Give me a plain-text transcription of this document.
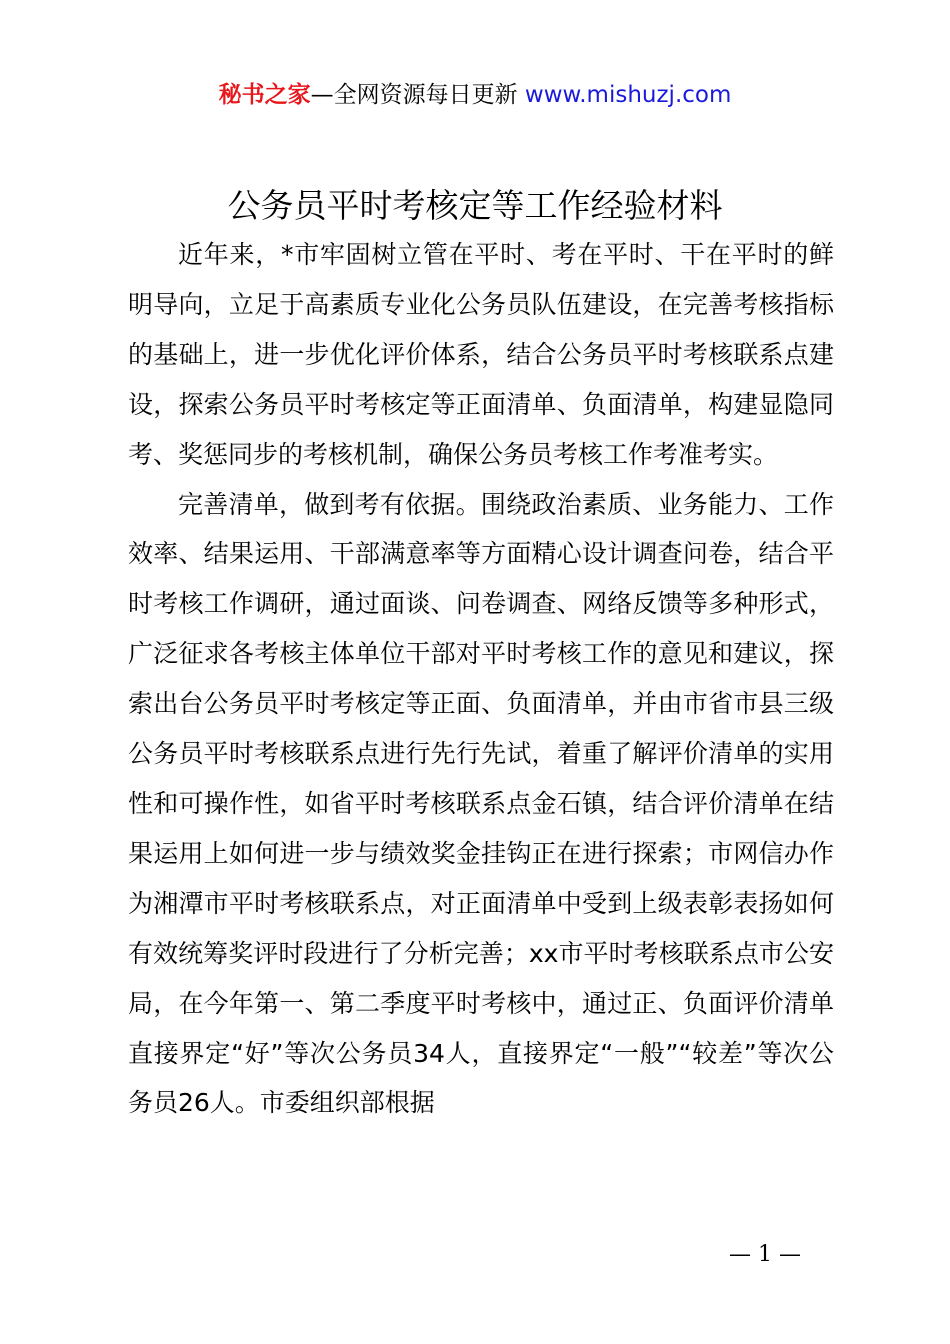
秘书之家—全网资源每日更新 www.mishuzj.com
公务员平时考核定等工作经验材料

近年来，*市牢固树立管在平时、考在平时、干在平时的鲜明导向，立足于高素质专业化公务员队伍建设，在完善考核指标的基础上，进一步优化评价体系，结合公务员平时考核联系点建设，探索公务员平时考核定等正面清单、负面清单，构建显隐同考、奖惩同步的考核机制，确保公务员考核工作考准考实。

完善清单，做到考有依据。围绕政治素质、业务能力、工作效率、结果运用、干部满意率等方面精心设计调查问卷，结合平时考核工作调研，通过面谈、问卷调查、网络反馈等多种形式，广泛征求各考核主体单位干部对平时考核工作的意见和建议，探索出台公务员平时考核定等正面、负面清单，并由市省市县三级公务员平时考核联系点进行先行先试，着重了解评价清单的实用性和可操作性，如省平时考核联系点金石镇，结合评价清单在结果运用上如何进一步与绩效奖金挂钩正在进行探索；市网信办作为湘潭市平时考核联系点，对正面清单中受到上级表彰表扬如何有效统筹奖评时段进行了分析完善；xx市平时考核联系点市公安局，在今年第一、第二季度平时考核中，通过正、负面评价清单直接界定“好”等次公务员34人，直接界定“一般”“较差”等次公务员26人。市委组织部根据

— 1 —
